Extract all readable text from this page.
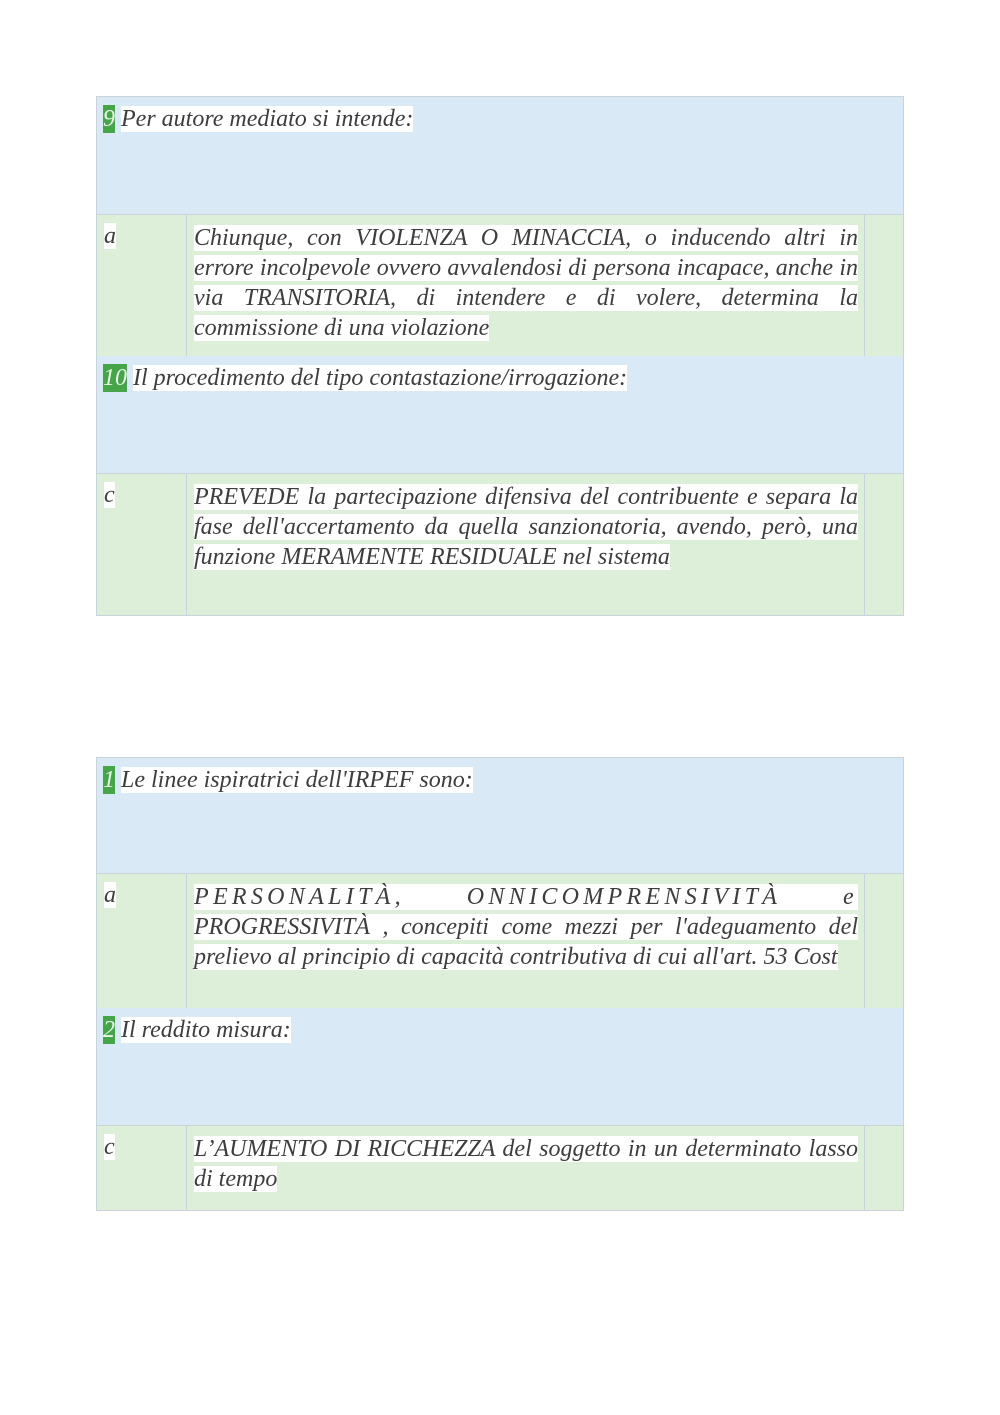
9 Per autore mediato si intende:
a	Chiunque, con VIOLENZA O MINACCIA, o inducendo altri in errore incolpevole ovvero avvalendosi di persona incapace, anche in via TRANSITORIA, di intendere e di volere, determina la commissione di una violazione
10 Il procedimento del tipo contastazione/irrogazione:
c	PREVEDE la partecipazione difensiva del contribuente e separa la fase dell'accertamento da quella sanzionatoria, avendo, però, una funzione MERAMENTE RESIDUALE nel sistema
1 Le linee ispiratrici dell'IRPEF sono:
a	PERSONALITÀ, ONNICOMPRENSIVITÀ e
PROGRESSIVITÀ , concepiti come mezzi per l'adeguamento del prelievo al principio di capacità contributiva di cui all'art. 53 Cost
2 Il reddito misura:
c	L’AUMENTO DI RICCHEZZA del soggetto in un determinato lasso di tempo
